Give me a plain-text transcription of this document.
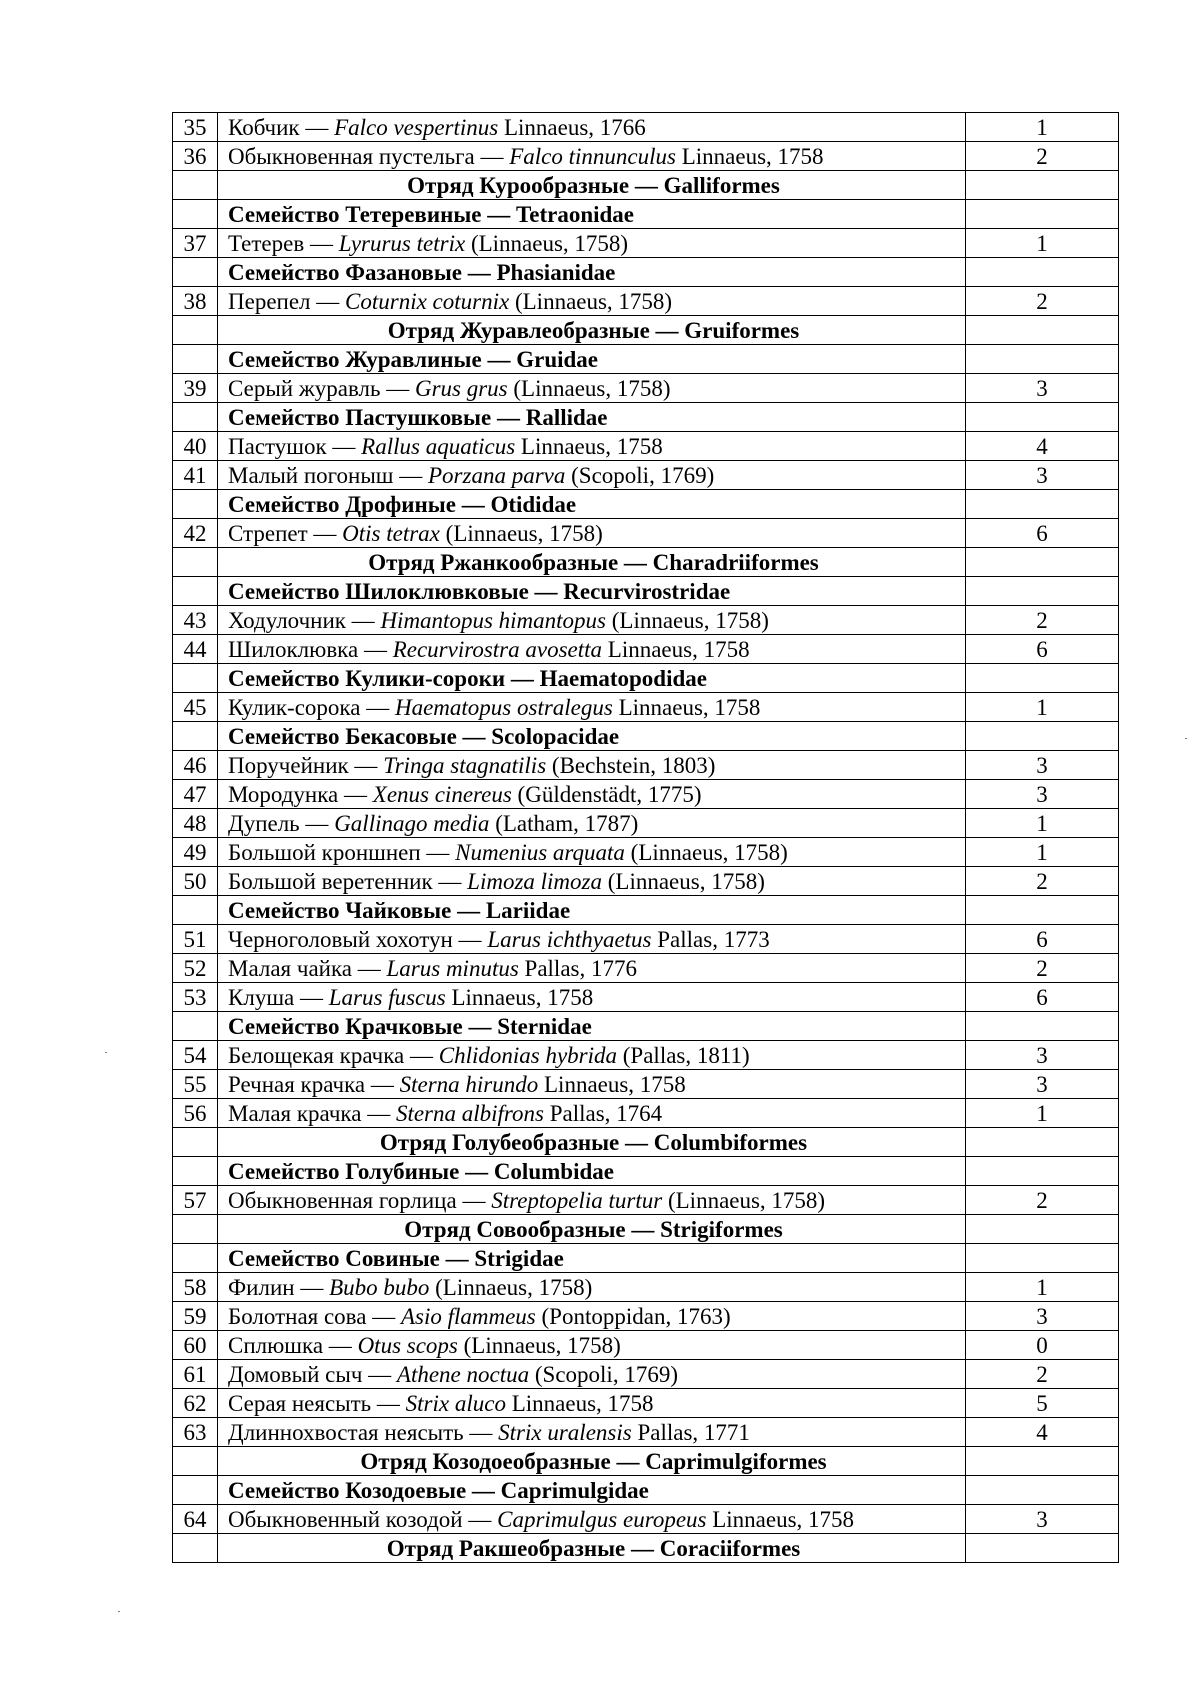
35	Кобчик — Falco vespertinus Linnaeus, 1766	1
36	Обыкновенная пустельга — Falco tinnunculus Linnaeus, 1758	2
	Отряд Курообразные — Galliformes	
	Семейство Тетеревиные — Tetraonidae	
37	Тетерев — Lyrurus tetrix (Linnaeus, 1758)	1
	Семейство Фазановые — Phasianidae	
38	Перепел — Coturnix coturnix (Linnaeus, 1758)	2
	Отряд Журавлеобразные — Gruiformes	
	Семейство Журавлиные — Gruidae	
39	Серый журавль — Grus grus (Linnaeus, 1758)	3
	Семейство Пастушковые — Rallidae	
40	Пастушок — Rallus aquaticus Linnaeus, 1758	4
41	Малый погоныш — Porzana parva (Scopoli, 1769)	3
	Семейство Дрофиные — Otididae	
42	Стрепет — Otis tetrax (Linnaeus, 1758)	6
	Отряд Ржанкообразные — Charadriiformes	
	Семейство Шилоклювковые — Recurvirostridae	
43	Ходулочник — Himantopus himantopus (Linnaeus, 1758)	2
44	Шилоклювка — Recurvirostra avosetta Linnaeus, 1758	6
	Семейство Кулики-сороки — Haematopodidae	
45	Кулик-сорока — Haematopus ostralegus Linnaeus, 1758	1
	Семейство Бекасовые — Scolopacidae	
46	Поручейник — Tringa stagnatilis (Bechstein, 1803)	3
47	Мородунка — Xenus cinereus (Güldenstädt, 1775)	3
48	Дупель — Gallinago media (Latham, 1787)	1
49	Большой кроншнеп — Numenius arquata (Linnaeus, 1758)	1
50	Большой веретенник — Limoza limoza (Linnaeus, 1758)	2
	Семейство Чайковые — Lariidae	
51	Черноголовый хохотун — Larus ichthyaetus Pallas, 1773	6
52	Малая чайка — Larus minutus Pallas, 1776	2
53	Клуша — Larus fuscus Linnaeus, 1758	6
	Семейство Крачковые — Sternidae	
54	Белощекая крачка — Chlidonias hybrida (Pallas, 1811)	3
55	Речная крачка — Sterna hirundo Linnaeus, 1758	3
56	Малая крачка — Sterna albifrons Pallas, 1764	1
	Отряд Голубеобразные — Columbiformes	
	Семейство Голубиные — Columbidae	
57	Обыкновенная горлица — Streptopelia turtur (Linnaeus, 1758)	2
	Отряд Совообразные — Strigiformes	
	Семейство Совиные — Strigidae	
58	Филин — Bubo bubo (Linnaeus, 1758)	1
59	Болотная сова — Asio flammeus (Pontoppidan, 1763)	3
60	Сплюшка — Otus scops (Linnaeus, 1758)	0
61	Домовый сыч — Athene noctua (Scopoli, 1769)	2
62	Серая неясыть — Strix aluco Linnaeus, 1758	5
63	Длиннохвостая неясыть — Strix uralensis Pallas, 1771	4
	Отряд Козодоеобразные — Caprimulgiformes	
	Семейство Козодоевые — Caprimulgidae	
64	Обыкновенный козодой — Caprimulgus europeus Linnaeus, 1758	3
	Отряд Ракшеобразные — Coraciiformes	
